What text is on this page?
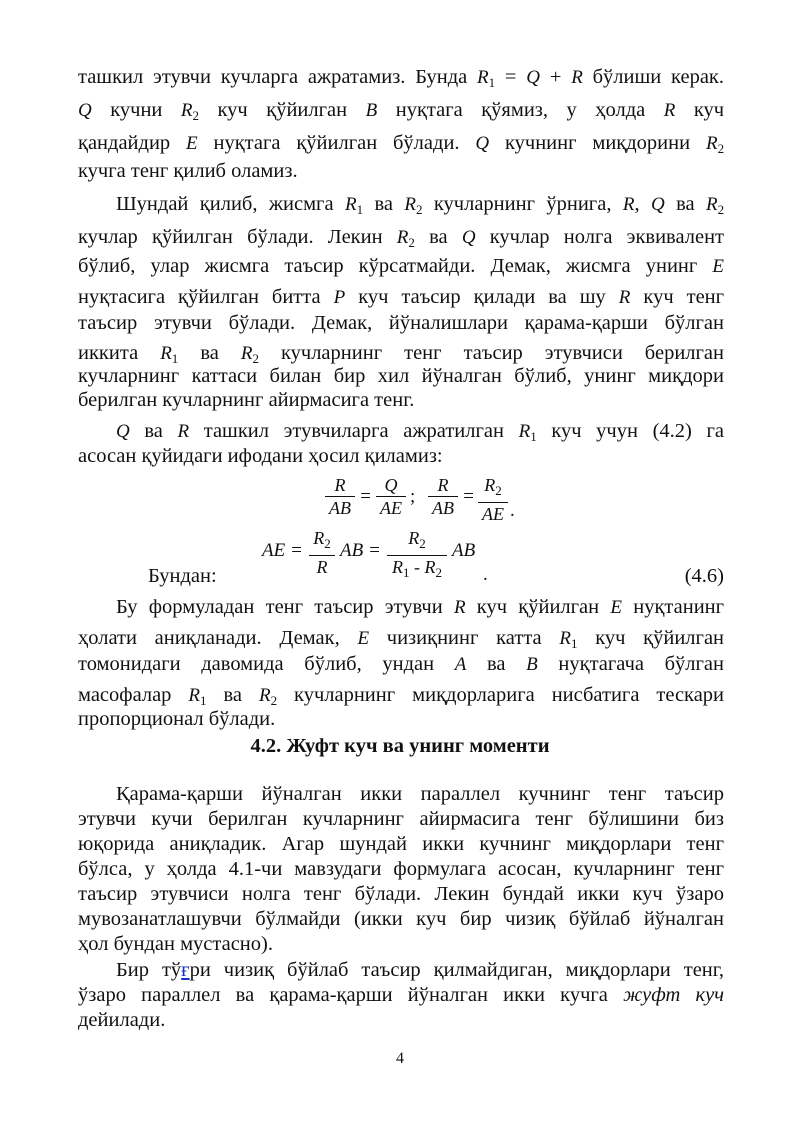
ташкил этувчи кучларга ажратамиз. Бунда $R_1 = Q + R$ бўлиши керак.
Q кучни $R_2$ куч қўйилган B нуқтага қўямиз, у ҳолда R куч
қандайдир E нуқтага қўйилган бўлади. Q кучнинг миқдорини $R_2$
кучга тенг қилиб оламиз.
Шундай қилиб, жисмга $R_1$ ва $R_2$ кучларнинг ўрнига, R, Q ва $R_2$
кучлар қўйилган бўлади. Лекин $R_2$ ва Q кучлар нолга эквивалент
бўлиб, улар жисмга таъсир кўрсатмайди. Демак, жисмга унинг E
нуқтасига қўйилган битта P куч таъсир қилади ва шу R куч тенг
таъсир этувчи бўлади. Демак, йўналишлари қарама-қарши бўлган
иккита $R_1$ ва $R_2$ кучларнинг тенг таъсир этувчиси берилган
кучларнинг каттаси билан бир хил йўналган бўлиб, унинг миқдори
берилган кучларнинг айирмасига тенг.
Q ва R ташкил этувчиларга ажратилган $R_1$ куч учун (4.2) га
асосан қуйидаги ифодани ҳосил қиламиз:
$\frac{R}{AB} = \frac{Q}{AE}$ ; $\frac{R}{AB} = \frac{R_2}{AE}$ .
Бундан:
AE = $\frac{R_2}{R}$ AB = $\frac{R_2}{R_1 - R_2}$ AB
.	(4.6)
Бу формуладан тенг таъсир этувчи R куч қўйилган E нуқтанинг
ҳолати аниқланади. Демак, E чизиқнинг катта $R_1$ куч қўйилган
томонидаги давомида бўлиб, ундан A ва B нуқтагача бўлган
масофалар $R_1$ ва $R_2$ кучларнинг миқдорларига нисбатига тескари
пропорционал бўлади.
4.2. Жуфт куч ва унинг моменти
Қарама-қарши йўналган икки параллел кучнинг тенг таъсир
этувчи кучи берилган кучларнинг айирмасига тенг бўлишини биз
юқорида аниқладик. Агар шундай икки кучнинг миқдорлари тенг
бўлса, у ҳолда 4.1-чи мавзудаги формулага асосан, кучларнинг тенг
таъсир этувчиси нолга тенг бўлади. Лекин бундай икки куч ўзаро
мувозанатлашувчи бўлмайди (икки куч бир чизиқ бўйлаб йўналган
ҳол бундан мустасно).
Бир тўғри чизиқ бўйлаб таъсир қилмайдиган, миқдорлари тенг,
ўзаро параллел ва қарама-қарши йўналган икки кучга жуфт куч
дейилади.
4
